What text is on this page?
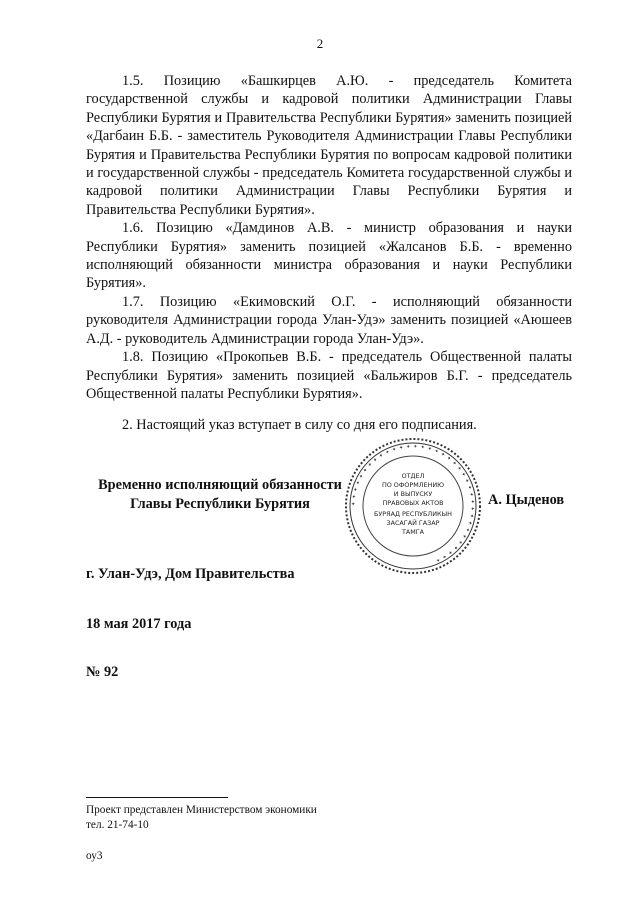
2

1.5. Позицию «Башкирцев А.Ю. - председатель Комитета государственной службы и кадровой политики Администрации Главы Республики Бурятия и Правительства Республики Бурятия» заменить позицией «Дагбаин Б.Б. - заместитель Руководителя Администрации Главы Республики Бурятия и Правительства Республики Бурятия по вопросам кадровой политики и государственной службы - председатель Комитета государственной службы и кадровой политики Администрации Главы Республики Бурятия и Правительства Республики Бурятия».

1.6. Позицию «Дамдинов А.В. - министр образования и науки Республики Бурятия» заменить позицией «Жалсанов Б.Б. - временно исполняющий обязанности министра образования и науки Республики Бурятия».

1.7. Позицию «Екимовский О.Г. - исполняющий обязанности руководителя Администрации города Улан-Удэ» заменить позицией «Аюшеев А.Д. - руководитель Администрации города Улан-Удэ».

1.8. Позицию «Прокопьев В.Б. - председатель Общественной палаты Республики Бурятия» заменить позицией «Бальжиров Б.Г. - председатель Общественной палаты Республики Бурятия».

2. Настоящий указ вступает в силу со дня его подписания.

Временно исполняющий обязанности
Главы Республики Бурятия	✦ ✦ ✦ ✦ ✦ ✦ ✦ ✦ ✦ ✦ ✦ ✦ ✦ ✦ ✦ ✦ ✦ ✦ ✦ ✦ ✦ ✦ ✦ ✦ ✦ ✦ ✦ ✦ ✦ ✦ ✦ ✦ ✦ ✦ ✦ ✦
ОТДЕЛ
ПО ОФОРМЛЕНИЮ
И ВЫПУСКУ
ПРАВОВЫХ АКТОВ
БУРЯАД РЕСПУБЛИКЫН
ЗАСАГАЙ ГАЗАР
ТАМГА
А. Цыденов
г. Улан-Удэ, Дом Правительства
18 мая 2017 года
№ 92
Проект представлен Министерством экономики
тел. 21-74-10
оу3
